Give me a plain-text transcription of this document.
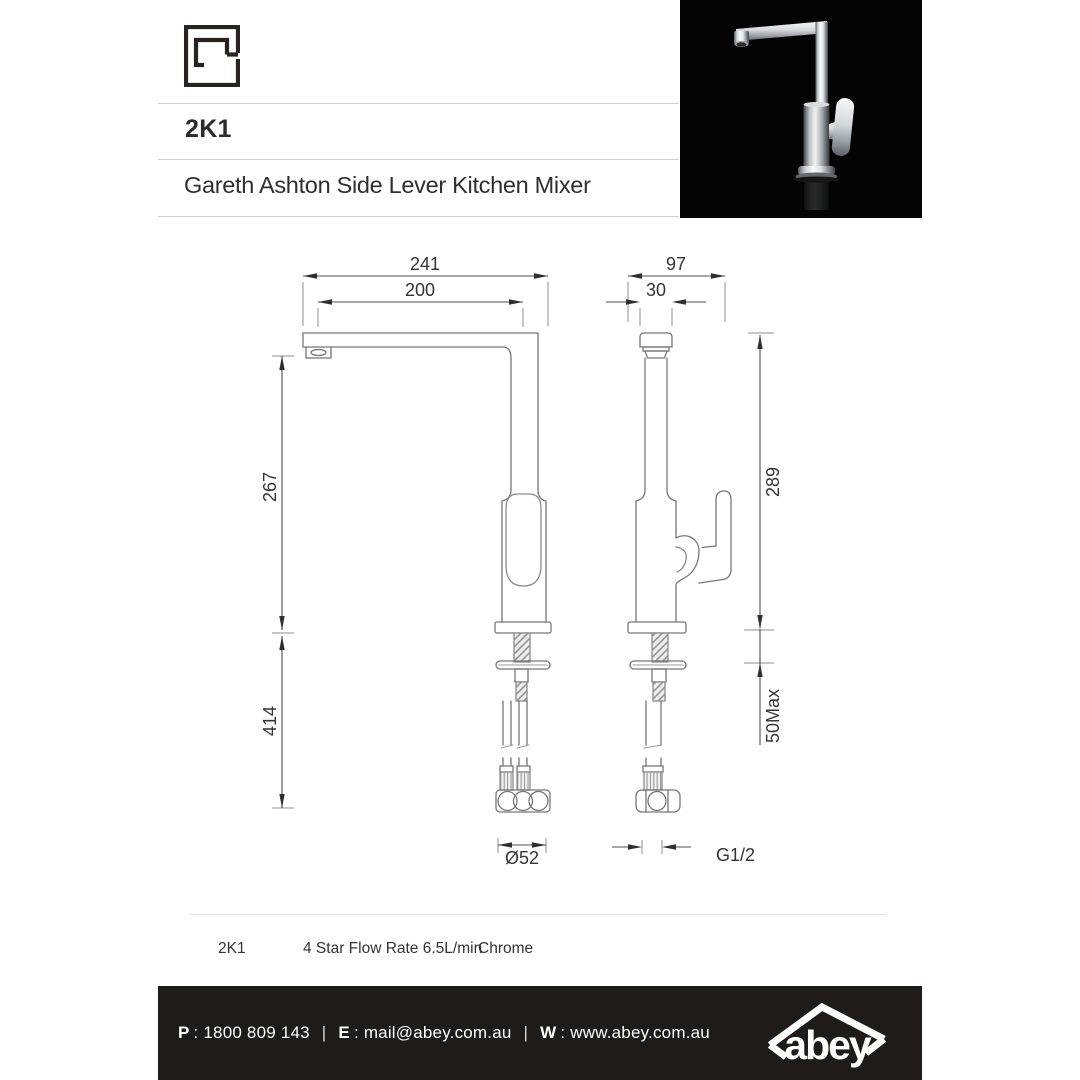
2K1
Gareth Ashton Side Lever Kitchen Mixer
241
200
97
30
Ø52	G1/2
267
414
289
50Max
2K1	4 Star Flow Rate 6.5L/min
Chrome
P : 1800 809 143 | E : mail@abey.com.au | W : www.abey.com.au abey
